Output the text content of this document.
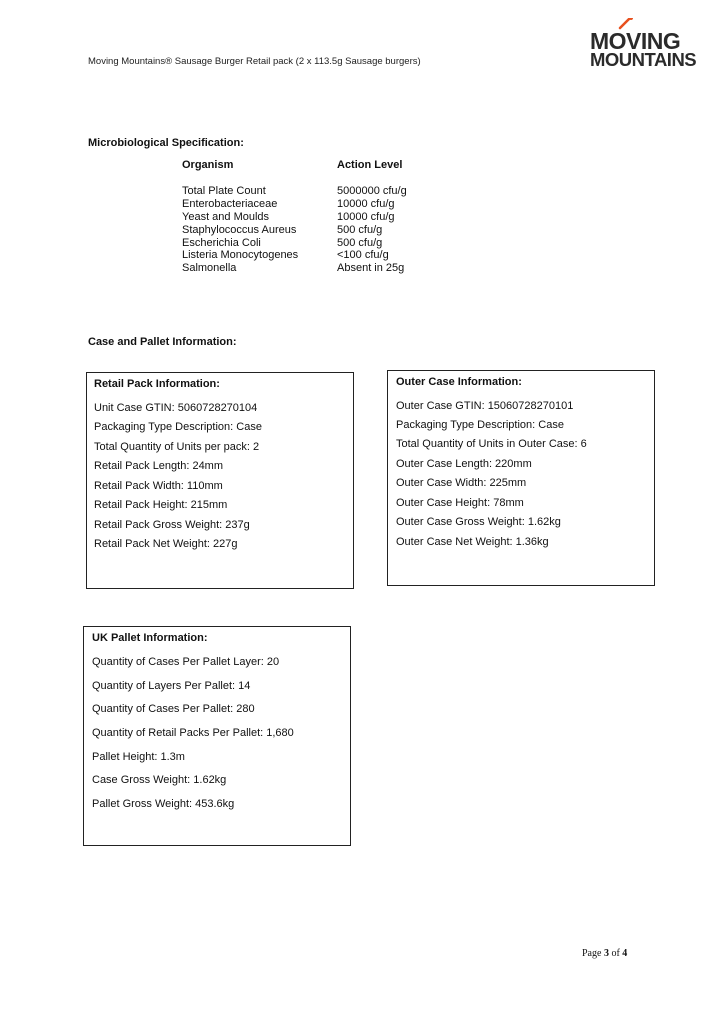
Moving Mountains® Sausage Burger Retail pack (2 x 113.5g Sausage burgers)
MOVING
MOUNTAINS
Microbiological Specification:
Organism	Action Level
Total Plate Count	5000000 cfu/g
Enterobacteriaceae	10000 cfu/g
Yeast and Moulds	10000 cfu/g
Staphylococcus Aureus	500 cfu/g
Escherichia Coli	500 cfu/g
Listeria Monocytogenes	<100 cfu/g
Salmonella	Absent in 25g
Case and Pallet Information:
Retail Pack Information:
Unit Case GTIN: 5060728270104
Packaging Type Description: Case
Total Quantity of Units per pack: 2
Retail Pack Length: 24mm
Retail Pack Width: 110mm
Retail Pack Height: 215mm
Retail Pack Gross Weight: 237g
Retail Pack Net Weight: 227g
Outer Case Information:
Outer Case GTIN: 15060728270101
Packaging Type Description: Case
Total Quantity of Units in Outer Case: 6
Outer Case Length: 220mm
Outer Case Width: 225mm
Outer Case Height: 78mm
Outer Case Gross Weight: 1.62kg
Outer Case Net Weight: 1.36kg
UK Pallet Information:
Quantity of Cases Per Pallet Layer: 20
Quantity of Layers Per Pallet: 14
Quantity of Cases Per Pallet: 280
Quantity of Retail Packs Per Pallet: 1,680
Pallet Height: 1.3m
Case Gross Weight: 1.62kg
Pallet Gross Weight: 453.6kg
Page 3 of 4
